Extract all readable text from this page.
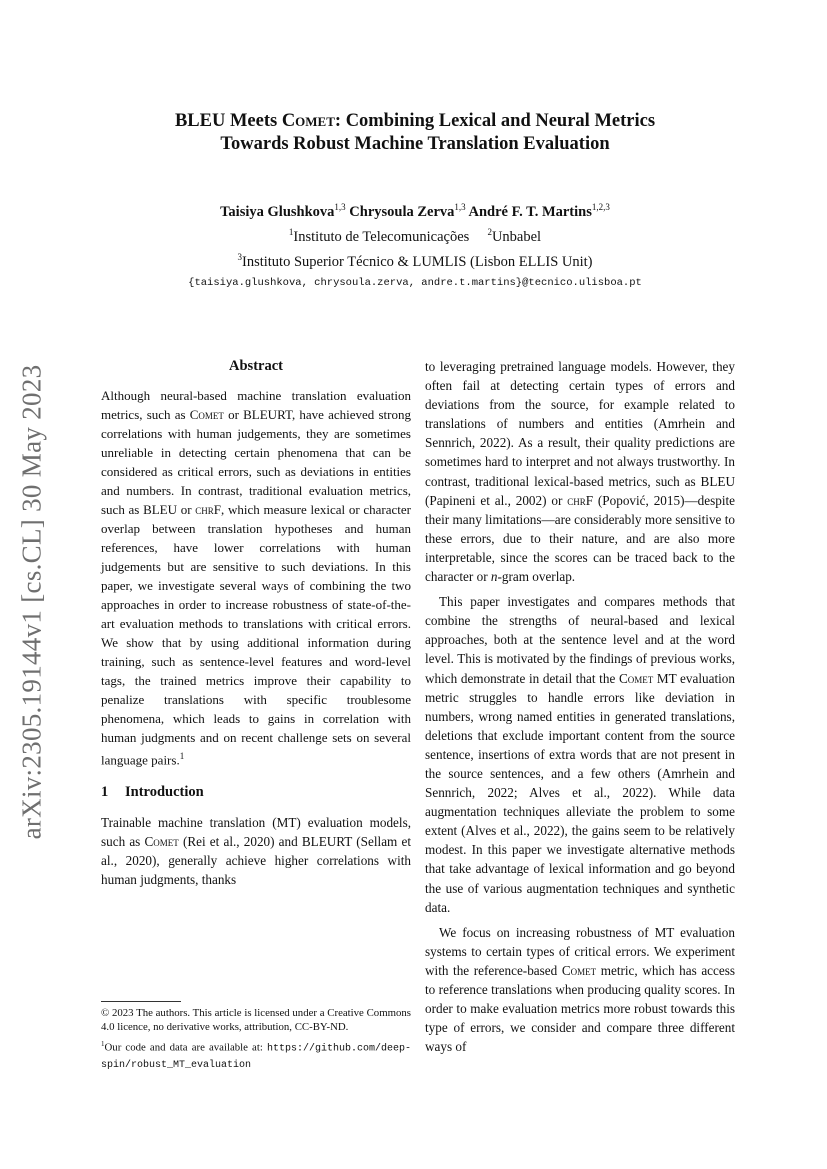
arXiv:2305.19144v1 [cs.CL] 30 May 2023
BLEU Meets Comet: Combining Lexical and Neural Metrics
Towards Robust Machine Translation Evaluation
Taisiya Glushkova$^{1,3}$ Chrysoula Zerva$^{1,3}$ André F. T. Martins$^{1,2,3}$
$^1$Instituto de Telecomunicações $^2$Unbabel
$^3$Instituto Superior Técnico & LUMLIS (Lisbon ELLIS Unit)
{taisiya.glushkova, chrysoula.zerva, andre.t.martins}@tecnico.ulisboa.pt
Abstract

Although neural-based machine translation evaluation metrics, such as Comet or BLEURT, have achieved strong correlations with human judgements, they are sometimes unreliable in detecting certain phenomena that can be considered as critical errors, such as deviations in entities and numbers. In contrast, traditional evaluation metrics, such as BLEU or chrF, which measure lexical or character overlap between translation hypotheses and human references, have lower correlations with human judgements but are sensitive to such deviations. In this paper, we investigate several ways of combining the two approaches in order to increase robustness of state-of-the-art evaluation methods to translations with critical errors. We show that by using additional information during training, such as sentence-level features and word-level tags, the trained metrics improve their capability to penalize translations with specific troublesome phenomena, which leads to gains in correlation with human judgments and on recent challenge sets on several language pairs.$^1$

1 Introduction

Trainable machine translation (MT) evaluation models, such as Comet (Rei et al., 2020) and BLEURT (Sellam et al., 2020), generally achieve higher correlations with human judgments, thanks

© 2023 The authors. This article is licensed under a Creative Commons 4.0 licence, no derivative works, attribution, CC-BY-ND.

$^1$Our code and data are available at: https://github.com/deep-spin/robust_MT_evaluation

to leveraging pretrained language models. However, they often fail at detecting certain types of errors and deviations from the source, for example related to translations of numbers and entities (Amrhein and Sennrich, 2022). As a result, their quality predictions are sometimes hard to interpret and not always trustworthy. In contrast, traditional lexical-based metrics, such as BLEU (Papineni et al., 2002) or chrF (Popović, 2015)—despite their many limitations—are considerably more sensitive to these errors, due to their nature, and are also more interpretable, since the scores can be traced back to the character or n-gram overlap.

This paper investigates and compares methods that combine the strengths of neural-based and lexical approaches, both at the sentence level and at the word level. This is motivated by the findings of previous works, which demonstrate in detail that the Comet MT evaluation metric struggles to handle errors like deviation in numbers, wrong named entities in generated translations, deletions that exclude important content from the source sentence, insertions of extra words that are not present in the source sentences, and a few others (Amrhein and Sennrich, 2022; Alves et al., 2022). While data augmentation techniques alleviate the problem to some extent (Alves et al., 2022), the gains seem to be relatively modest. In this paper we investigate alternative methods that take advantage of lexical information and go beyond the use of various augmentation techniques and synthetic data.

We focus on increasing robustness of MT evaluation systems to certain types of critical errors. We experiment with the reference-based Comet metric, which has access to reference translations when producing quality scores. In order to make evaluation metrics more robust towards this type of errors, we consider and compare three different ways of
